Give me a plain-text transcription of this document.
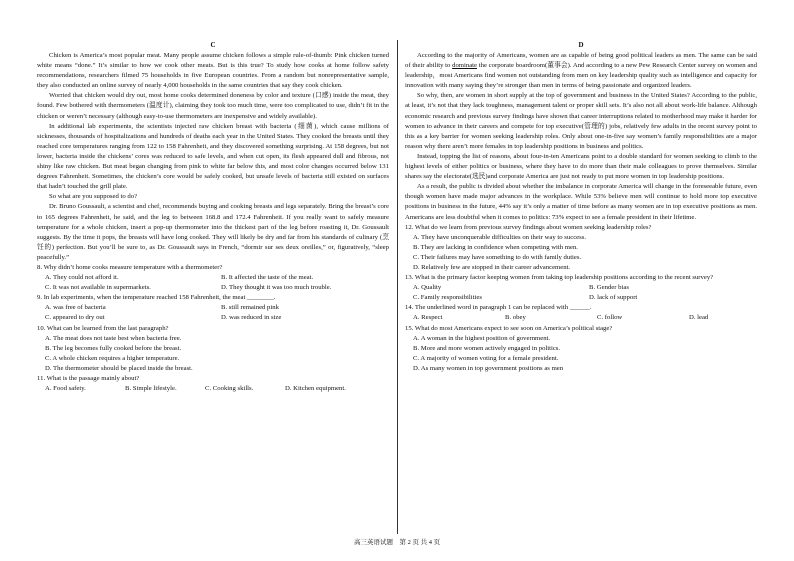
C

Chicken is America’s most popular meat. Many people assume chicken follows a simple rule-of-thumb: Pink chicken turned white means “done.” It’s similar to how we cook other meats. But is this true? To study how cooks at home follow safety recommendations, researchers filmed 75 households in five European countries. From a random but nonrepresentative sample, they also conducted an online survey of nearly 4,000 households in the same countries that say they cook chicken.

Worried that chicken would dry out, most home cooks determined doneness by color and texture (口感) inside the meat, they found. Few bothered with thermometers (温度计), claiming they took too much time, were too complicated to use, didn’t fit in the chicken or weren’t necessary (although easy-to-use thermometers are inexpensive and widely available).

In additional lab experiments, the scientists injected raw chicken breast with bacteria (细菌), which cause millions of sicknesses, thousands of hospitalizations and hundreds of deaths each year in the United States. They cooked the breasts until they reached core temperatures ranging from 122 to 158 Fahrenheit, and they discovered something surprising. At 158 degrees, but not lower, bacteria inside the chickens’ cores was reduced to safe levels, and when cut open, its flesh appeared dull and fibrous, not shiny like raw chicken. But meat began changing from pink to white far below this, and most color changes occurred below 131 degrees Fahrenheit. Sometimes, the chicken’s core would be safely cooked, but unsafe levels of bacteria still existed on surfaces that hadn’t touched the grill plate.

So what are you supposed to do?

Dr. Bruno Goussault, a scientist and chef, recommends buying and cooking breasts and legs separately. Bring the breast’s core to 165 degrees Fahrenheit, he said, and the leg to between 168.8 and 172.4 Fahrenheit. If you really want to safely measure temperature for a whole chicken, insert a pop-up thermometer into the thickest part of the leg before roasting it, Dr. Goussault suggests. By the time it pops, the breasts will have long cooked. They will likely be dry and far from his standards of culinary (烹饪的) perfection. But you’ll be sure to, as Dr. Goussault says in French, “dormir sur ses deux oreilles,” or, figuratively, “sleep peacefully.”

8. Why didn’t home cooks measure temperature with a thermometer?

A. They could not afford it.	B. It affected the taste of the meat.
C. It was not available in supermarkets.	D. They thought it was too much trouble.

9. In lab experiments, when the temperature reached 158 Fahrenheit, the meat ________.

A. was free of bacteria	B. still remained pink
C. appeared to dry out	D. was reduced in size

10. What can be learned from the last paragraph?

A. The meat does not taste best when bacteria free.
B. The leg becomes fully cooked before the breast.
C. A whole chicken requires a higher temperature.
D. The thermometer should be placed inside the breast.

11. What is the passage mainly about?

A. Food safety.	B. Simple lifestyle.	C. Cooking skills.	D. Kitchen equipment.
D

According to the majority of Americans, women are as capable of being good political leaders as men. The same can be said of their ability to dominate the corporate boardroom(董事会). And according to a new Pew Research Center survey on women and leadership，most Americans find women not outstanding from men on key leadership quality such as intelligence and capacity for innovation with many saying they’re stronger than men in terms of being passionate and organized leaders.

So why, then, are women in short supply at the top of government and business in the United States? According to the public, at least, it’s not that they lack toughness, management talent or proper skill sets. It’s also not all about work-life balance. Although economic research and previous survey findings have shown that career interruptions related to motherhood may make it harder for women to advance in their careers and compete for top executive(管理的) jobs, relatively few adults in the recent survey point to this as a key barrier for women seeking leadership roles. Only about one-in-five say women’s family responsibilities are a major reason why there aren’t more females in top leadership positions in business and politics.

Instead, topping the list of reasons, about four-in-ten Americans point to a double standard for women seeking to climb to the highest levels of either politics or business, where they have to do more than their male colleagues to prove themselves. Similar shares say the electorate(选民)and corporate America are just not ready to put more women in top leadership positions.

As a result, the public is divided about whether the imbalance in corporate America will change in the foreseeable future, even though women have made major advances in the workplace. While 53% believe men will continue to hold more top executive positions in business in the future, 44% say it’s only a matter of time before as many women are in top executive positions as men. Americans are less doubtful when it comes to politics: 73% expect to see a female president in their lifetime.

12. What do we learn from previous survey findings about women seeking leadership roles?

A. They have unconquerable difficulties on their way to success.
B. They are lacking in confidence when competing with men.
C. Their failures may have something to do with family duties.
D. Relatively few are stopped in their career advancement.

13. What is the primary factor keeping women from taking top leadership positions according to the recent survey?

A. Quality	B. Gender bias
C. Family responsibilities	D. lack of support

14. The underlined word in paragraph 1 can be replaced with ______.

A. Respect	B. obey	C. follow	D. lead

15. What do most Americans expect to see soon on America’s political stage?

A. A woman in the highest position of government.
B. More and more women actively engaged in politics.
C. A majority of women voting for a female president.
D. As many women in top government positions as men
高三英语试题　第 2 页 共 4 页
